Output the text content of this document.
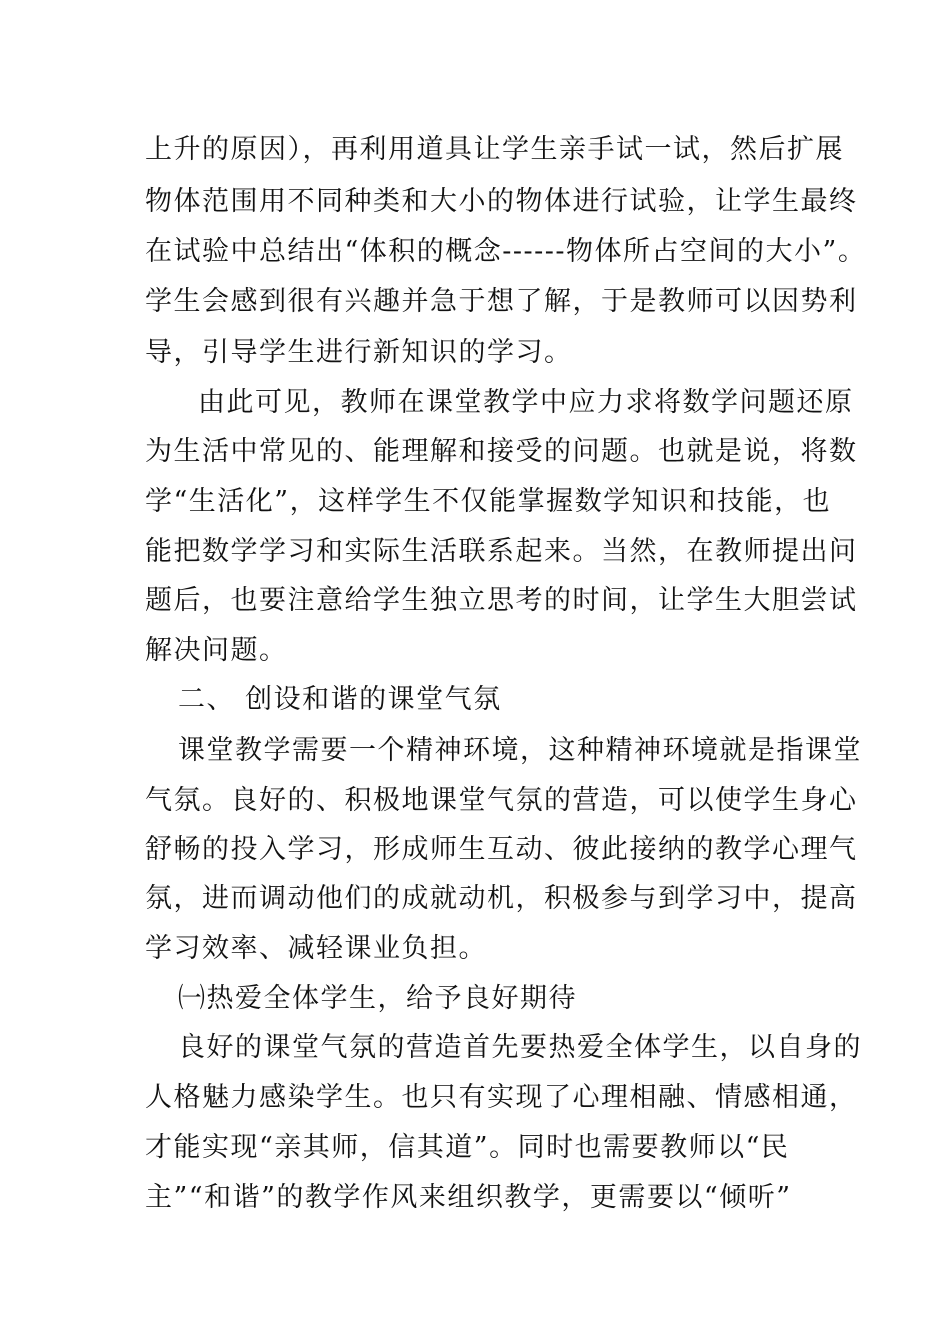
上升的原因），再利用道具让学生亲手试一试，然后扩展
物体范围用不同种类和大小的物体进行试验，让学生最终
在试验中总结出“体积的概念------物体所占空间的大小”。
学生会感到很有兴趣并急于想了解，于是教师可以因势利
导，引导学生进行新知识的学习。
由此可见，教师在课堂教学中应力求将数学问题还原
为生活中常见的、能理解和接受的问题。也就是说，将数
学“生活化”，这样学生不仅能掌握数学知识和技能，也
能把数学学习和实际生活联系起来。当然，在教师提出问
题后，也要注意给学生独立思考的时间，让学生大胆尝试
解决问题。
二、 创设和谐的课堂气氛
课堂教学需要一个精神环境，这种精神环境就是指课堂
气氛。良好的、积极地课堂气氛的营造，可以使学生身心
舒畅的投入学习，形成师生互动、彼此接纳的教学心理气
氛，进而调动他们的成就动机，积极参与到学习中，提高
学习效率、减轻课业负担。
㈠热爱全体学生，给予良好期待
良好的课堂气氛的营造首先要热爱全体学生，以自身的
人格魅力感染学生。也只有实现了心理相融、情感相通，
才能实现“亲其师，信其道”。同时也需要教师以“民
主”“和谐”的教学作风来组织教学，更需要以“倾听”
